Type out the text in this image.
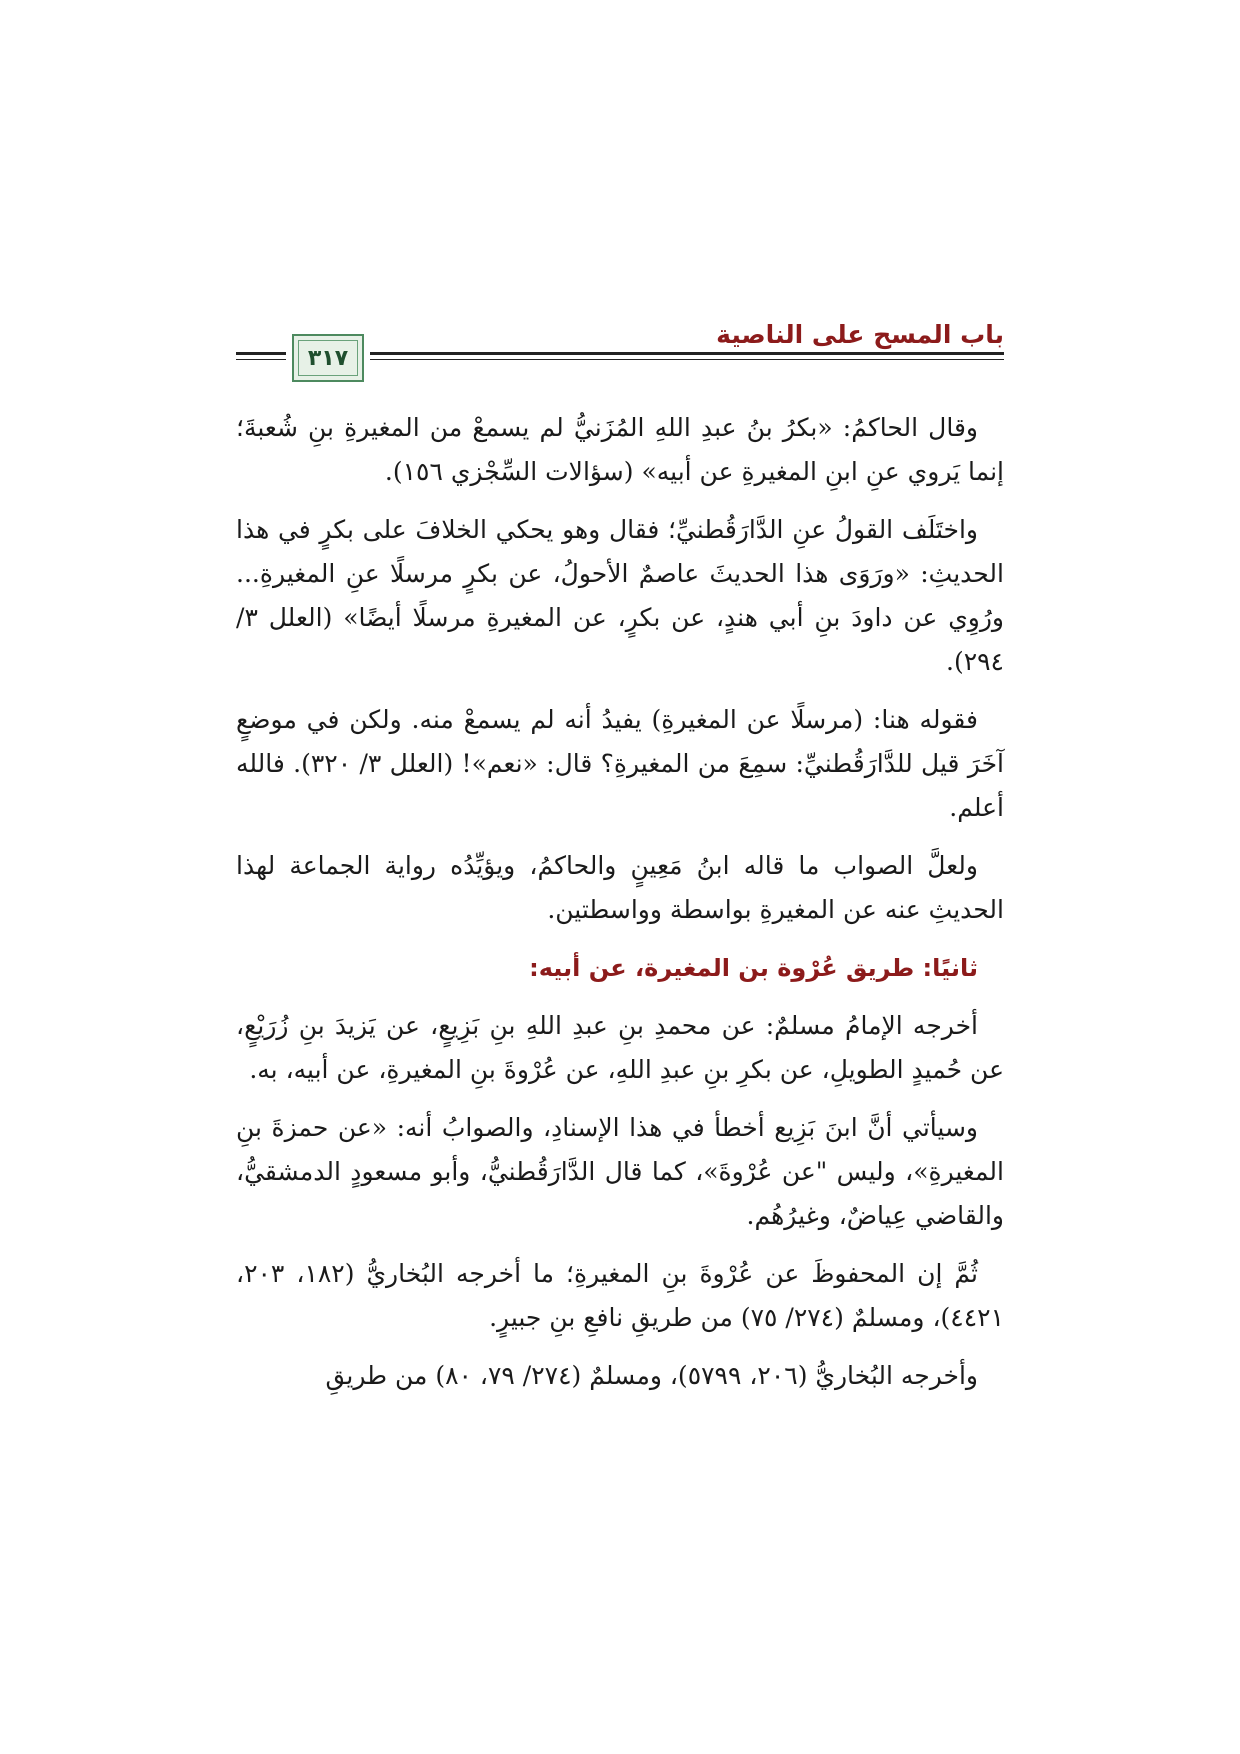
باب المسح على الناصية
٣١٧

وقال الحاكمُ: «بكرُ بنُ عبدِ اللهِ المُزَنيُّ لم يسمعْ من المغيرةِ بنِ شُعبةَ؛ إنما يَروي عنِ ابنِ المغيرةِ عن أبيه» (سؤالات السِّجْزي ١٥٦).

واختَلَف القولُ عنِ الدَّارَقُطنيِّ؛ فقال وهو يحكي الخلافَ على بكرٍ في هذا الحديثِ: «ورَوَى هذا الحديثَ عاصمٌ الأحولُ، عن بكرٍ مرسلًا عنِ المغيرةِ... ورُوِي عن داودَ بنِ أبي هندٍ، عن بكرٍ، عن المغيرةِ مرسلًا أيضًا» (العلل ٣/ ٢٩٤).

فقوله هنا: (مرسلًا عن المغيرةِ) يفيدُ أنه لم يسمعْ منه. ولكن في موضعٍ آخَرَ قيل للدَّارَقُطنيِّ: سمِعَ من المغيرةِ؟ قال: «نعم»! (العلل ٣/ ٣٢٠). فالله أعلم.

ولعلَّ الصواب ما قاله ابنُ مَعِينٍ والحاكمُ، ويؤيِّدُه رواية الجماعة لهذا الحديثِ عنه عن المغيرةِ بواسطة وواسطتين.

ثانيًا: طريق عُرْوة بن المغيرة، عن أبيه:

أخرجه الإمامُ مسلمٌ: عن محمدِ بنِ عبدِ اللهِ بنِ بَزِيعٍ، عن يَزيدَ بنِ زُرَيْعٍ، عن حُميدٍ الطويلِ، عن بكرِ بنِ عبدِ اللهِ، عن عُرْوةَ بنِ المغيرةِ، عن أبيه، به.

وسيأتي أنَّ ابنَ بَزِيع أخطأ في هذا الإسنادِ، والصوابُ أنه: «عن حمزةَ بنِ المغيرةِ»، وليس "عن عُرْوةَ»، كما قال الدَّارَقُطنيُّ، وأبو مسعودٍ الدمشقيُّ، والقاضي عِياضٌ، وغيرُهُم.

ثُمَّ إن المحفوظَ عن عُرْوةَ بنِ المغيرةِ؛ ما أخرجه البُخاريُّ (١٨٢، ٢٠٣، ٤٤٢١)، ومسلمٌ (٢٧٤/ ٧٥) من طريقِ نافعِ بنِ جبيرٍ.

وأخرجه البُخاريُّ (٢٠٦، ٥٧٩٩)، ومسلمٌ (٢٧٤/ ٧٩، ٨٠) من طريقِ
